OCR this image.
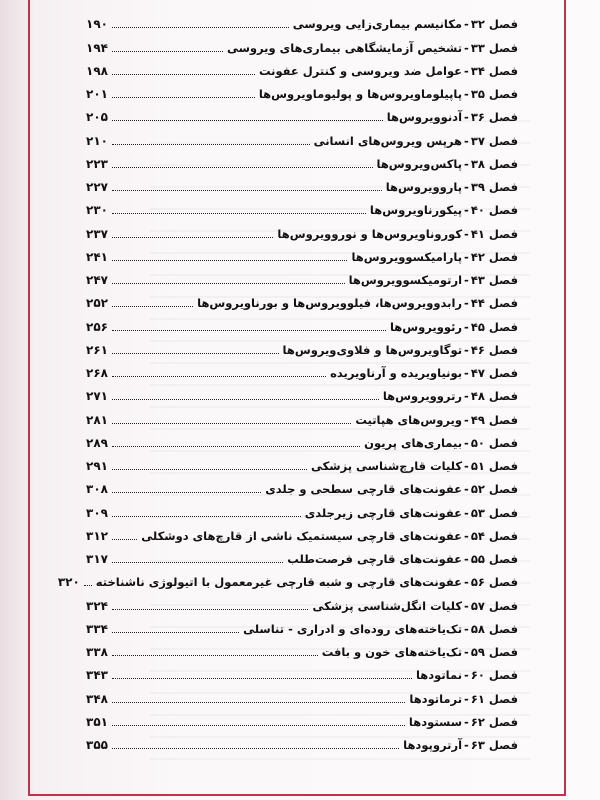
فصل ۳۲
-
مکانیسم بیماری‌زایی ویروسی
۱۹۰
فصل ۳۳
-
تشخیص آزمایشگاهی بیماری‌های ویروسی
۱۹۴
فصل ۳۴
-
عوامل ضد ویروسی و کنترل عفونت
۱۹۸
فصل ۳۵
-
پاپیلوماویروس‌ها و پولیوماویروس‌ها
۲۰۱
فصل ۳۶
-
آدنوویروس‌ها
۲۰۵
فصل ۳۷
-
هرپس ویروس‌های انسانی
۲۱۰
فصل ۳۸
-
پاکس‌ویروس‌ها
۲۲۳
فصل ۳۹
-
پاروویروس‌ها
۲۲۷
فصل ۴۰
-
پیکورناویروس‌ها
۲۳۰
فصل ۴۱
-
کوروناویروس‌ها و نوروویروس‌ها
۲۳۷
فصل ۴۲
-
پارامیکسوویروس‌ها
۲۴۱
فصل ۴۳
-
ارتومیکسوویروس‌ها
۲۴۷
فصل ۴۴
-
رابدوویروس‌ها، فیلوویروس‌ها و بورناویروس‌ها
۲۵۲
فصل ۴۵
-
رئوویروس‌ها
۲۵۶
فصل ۴۶
-
توگاویروس‌ها و فلاوی‌ویروس‌ها
۲۶۱
فصل ۴۷
-
بونیاویریده و آرناویریده
۲۶۸
فصل ۴۸
-
رتروویروس‌ها
۲۷۱
فصل ۴۹
-
ویروس‌های هپاتیت
۲۸۱
فصل ۵۰
-
بیماری‌های پریون
۲۸۹
فصل ۵۱
-
کلیات قارچ‌شناسی پزشکی
۲۹۱
فصل ۵۲
-
عفونت‌های قارچی سطحی و جلدی
۳۰۸
فصل ۵۳
-
عفونت‌های قارچی زیرجلدی
۳۰۹
فصل ۵۴
-
عفونت‌های قارچی سیستمیک ناشی از قارچ‌های دوشکلی
۳۱۲
فصل ۵۵
-
عفونت‌های قارچی فرصت‌طلب
۳۱۷
فصل ۵۶
-
عفونت‌های قارچی و شبه قارچی غیرمعمول با اتیولوژی ناشناخته
۳۲۰
فصل ۵۷
-
کلیات انگل‌شناسی پزشکی
۳۲۴
فصل ۵۸
-
تک‌یاخته‌های روده‌ای و ادراری - تناسلی
۳۳۴
فصل ۵۹
-
تک‌یاخته‌های خون و بافت
۳۳۸
فصل ۶۰
-
نماتودها
۳۴۳
فصل ۶۱
-
ترماتودها
۳۴۸
فصل ۶۲
-
سستودها
۳۵۱
فصل ۶۳
-
آرتروپودها
۳۵۵
